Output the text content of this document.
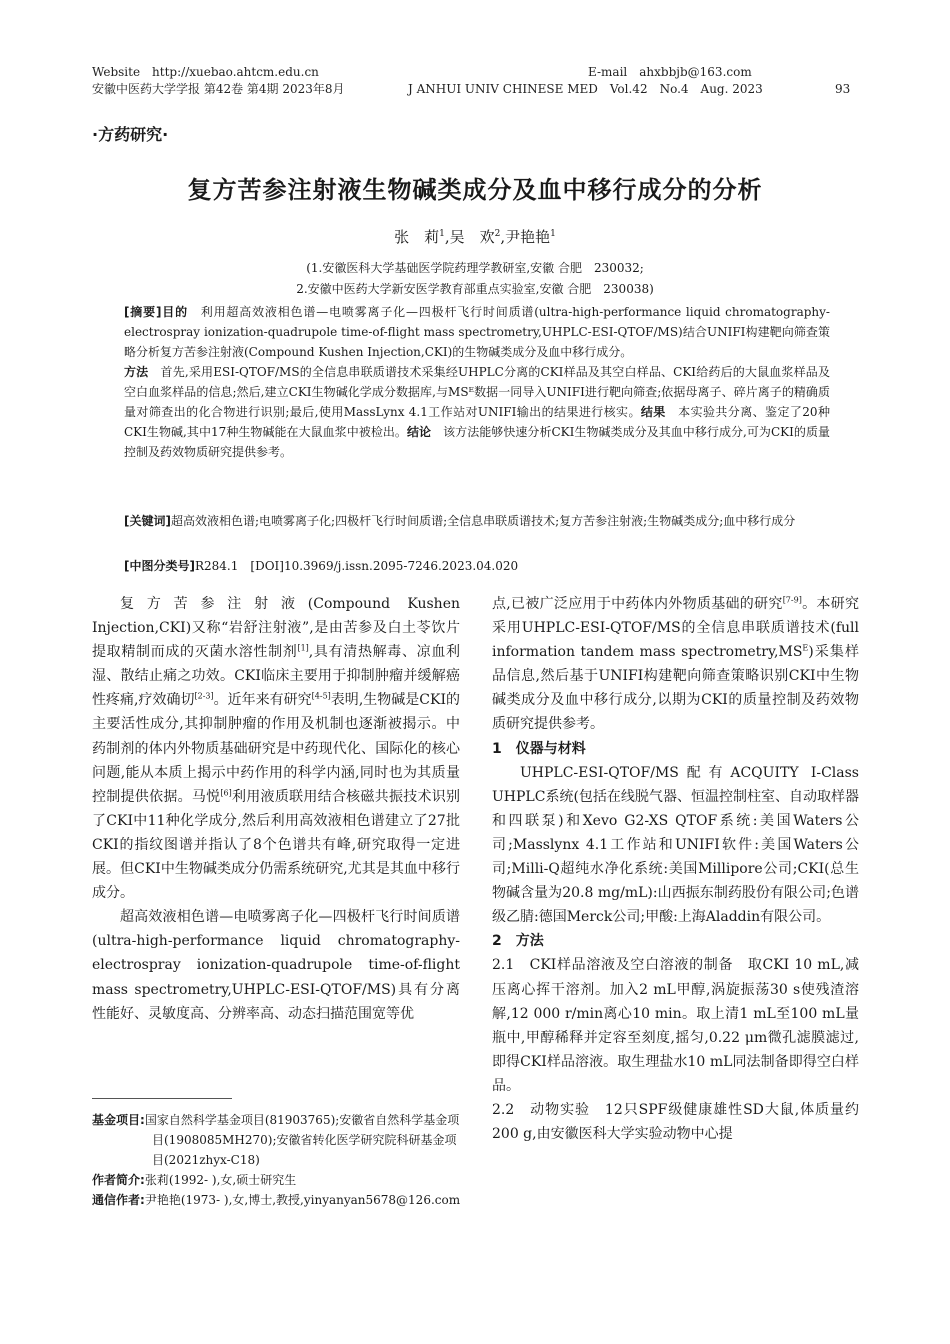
Website　http://xuebao.ahtcm.edu.cn	E-mail　ahxbbjb@163.com
安徽中医药大学学报 第42卷 第4期 2023年8月	J ANHUI UNIV CHINESE MED　Vol.42　No.4　Aug. 2023	93
·方药研究·
复方苦参注射液生物碱类成分及血中移行成分的分析
张　莉$^1$,吴　欢$^2$,尹艳艳$^1$
(1.安徽医科大学基础医学院药理学教研室,安徽 合肥　230032;
2.安徽中医药大学新安医学教育部重点实验室,安徽 合肥　230038)
[摘要]目的　利用超高效液相色谱—电喷雾离子化—四极杆飞行时间质谱(ultra-high-performance liquid chromatography-electrospray ionization-quadrupole time-of-flight mass spectrometry,UHPLC-ESI-QTOF/MS)结合UNIFI构建靶向筛查策略分析复方苦参注射液(Compound Kushen Injection,CKI)的生物碱类成分及血中移行成分。
方法　首先,采用ESI-QTOF/MS的全信息串联质谱技术采集经UHPLC分离的CKI样品及其空白样品、CKI给药后的大鼠血浆样品及空白血浆样品的信息;然后,建立CKI生物碱化学成分数据库,与MSᴱ数据一同导入UNIFI进行靶向筛查;依据母离子、碎片离子的精确质量对筛查出的化合物进行识别;最后,使用MassLynx 4.1工作站对UNIFI输出的结果进行核实。结果　本实验共分离、鉴定了20种CKI生物碱,其中17种生物碱能在大鼠血浆中被检出。结论　该方法能够快速分析CKI生物碱类成分及其血中移行成分,可为CKI的质量控制及药效物质研究提供参考。
[关键词]超高效液相色谱;电喷雾离子化;四极杆飞行时间质谱;全信息串联质谱技术;复方苦参注射液;生物碱类成分;血中移行成分
[中图分类号]R284.1　 [DOI]10.3969/j.issn.2095-7246.2023.04.020

复方苦参注射液(Compound Kushen Injection,CKI)又称“岩舒注射液”,是由苦参及白土苓饮片提取精制而成的灭菌水溶性制剂[1],具有清热解毒、凉血利湿、散结止痛之功效。CKI临床主要用于抑制肿瘤并缓解癌性疼痛,疗效确切[2-3]。近年来有研究[4-5]表明,生物碱是CKI的主要活性成分,其抑制肿瘤的作用及机制也逐渐被揭示。中药制剂的体内外物质基础研究是中药现代化、国际化的核心问题,能从本质上揭示中药作用的科学内涵,同时也为其质量控制提供依据。马悦[6]利用液质联用结合核磁共振技术识别了CKI中11种化学成分,然后利用高效液相色谱建立了27批CKI的指纹图谱并指认了8个色谱共有峰,研究取得一定进展。但CKI中生物碱类成分仍需系统研究,尤其是其血中移行成分。

超高效液相色谱—电喷雾离子化—四极杆飞行时间质谱(ultra-high-performance liquid chromatography-electrospray ionization-quadrupole time-of-flight mass spectrometry,UHPLC-ESI-QTOF/MS)具有分离性能好、灵敏度高、分辨率高、动态扫描范围宽等优

点,已被广泛应用于中药体内外物质基础的研究[7-9]。本研究采用UHPLC-ESI-QTOF/MS的全信息串联质谱技术(full information tandem mass spectrometry,MS$^E$)采集样品信息,然后基于UNIFI构建靶向筛查策略识别CKI中生物碱类成分及血中移行成分,以期为CKI的质量控制及药效物质研究提供参考。

1　仪器与材料

UHPLC-ESI-QTOF/MS配有ACQUITY I-Class UHPLC系统(包括在线脱气器、恒温控制柱室、自动取样器和四联泵)和Xevo G2-XS QTOF系统:美国Waters公司;Masslynx 4.1工作站和UNIFI软件:美国Waters公司;Milli-Q超纯水净化系统:美国Millipore公司;CKI(总生物碱含量为20.8 mg/mL):山西振东制药股份有限公司;色谱级乙腈:德国Merck公司;甲酸:上海Aladdin有限公司。

2　方法

2.1　CKI样品溶液及空白溶液的制备　取CKI 10 mL,减压离心挥干溶剂。加入2 mL甲醇,涡旋振荡30 s使残渣溶解,12 000 r/min离心10 min。取上清1 mL至100 mL量瓶中,甲醇稀释并定容至刻度,摇匀,0.22 μm微孔滤膜滤过,即得CKI样品溶液。取生理盐水10 mL同法制备即得空白样品。

2.2　动物实验　12只SPF级健康雄性SD大鼠,体质量约200 g,由安徽医科大学实验动物中心提

基金项目:国家自然科学基金项目(81903765);安徽省自然科学基金项目(1908085MH270);安徽省转化医学研究院科研基金项目(2021zhyx-C18)
作者简介:张莉(1992- ),女,硕士研究生
通信作者:尹艳艳(1973- ),女,博士,教授,yinyanyan5678@126.com
